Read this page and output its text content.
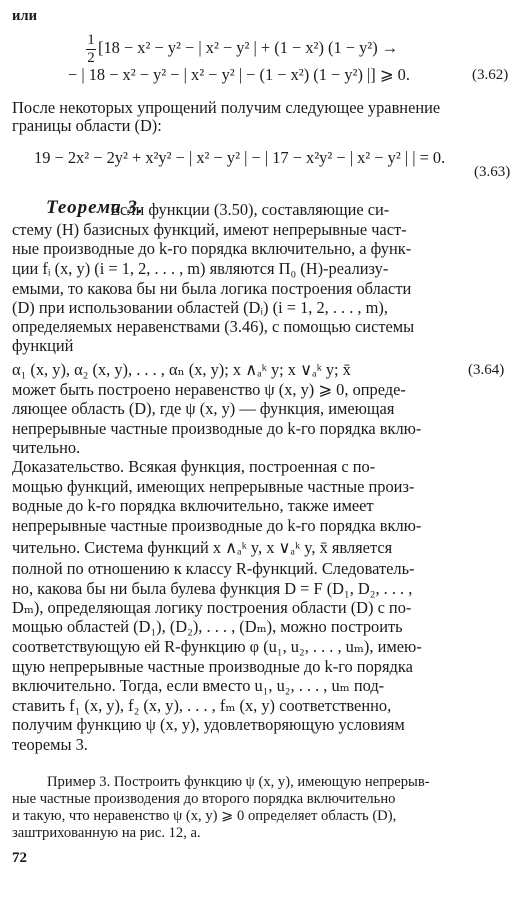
или
[18 − x² − y² − | x² − y² | + (1 − x²) (1 − y²) →
− | 18 − x² − y² − | x² − y² | − (1 − x²) (1 − y²) |] ⩾ 0.
После некоторых упрощений получим следующее уравнение
границы области (D):
19 − 2x² − 2y² + x²y² − | x² − y² | − | 17 − x²y² − | x² − y² | | = 0.
Если функции (3.50), составляющие си-
стему (H) базисных функций, имеют непрерывные част-
ные производные до k-го порядка включительно, а функ-
ции fᵢ (x, y) (i = 1, 2, . . . , m) являются Π₀ (H)-реализу-
емыми, то какова бы ни была логика построения области
(D) при использовании областей (Dᵢ) (i = 1, 2, . . . , m),
определяемых неравенствами (3.46), с помощью системы
функций
α₁ (x, y), α₂ (x, y), . . . , αₙ (x, y); x ∧ₐᵏ y; x ∨ₐᵏ y; x̄
может быть построено неравенство ψ (x, y) ⩾ 0, опреде-
ляющее область (D), где ψ (x, y) — функция, имеющая
непрерывные частные производные до k-го порядка вклю-
чительно.
Доказательство. Всякая функция, построенная с по-
мощью функций, имеющих непрерывные частные произ-
водные до k-го порядка включительно, также имеет
непрерывные частные производные до k-го порядка вклю-
чительно. Система функций x ∧ₐᵏ y, x ∨ₐᵏ y, x̄ является
полной по отношению к классу R-функций. Следователь-
но, какова бы ни была булева функция D = F (D₁, D₂, . . . ,
Dₘ), определяющая логику построения области (D) с по-
мощью областей (D₁), (D₂), . . . , (Dₘ), можно построить
соответствующую ей R-функцию φ (u₁, u₂, . . . , uₘ), имею-
щую непрерывные частные производные до k-го порядка
включительно. Тогда, если вместо u₁, u₂, . . . , uₘ под-
ставить f₁ (x, y), f₂ (x, y), . . . , fₘ (x, y) соответственно,
получим функцию ψ (x, y), удовлетворяющую условиям
теоремы 3.
Пример 3. Построить функцию ψ (x, y), имеющую непрерыв-
ные частные производения до второго порядка включительно
и такую, что неравенство ψ (x, y) ⩾ 0 определяет область (D),
заштрихованную на рис. 12, а.
1
2
Теорема 3.
(3.62)
(3.63)
(3.64)
72
